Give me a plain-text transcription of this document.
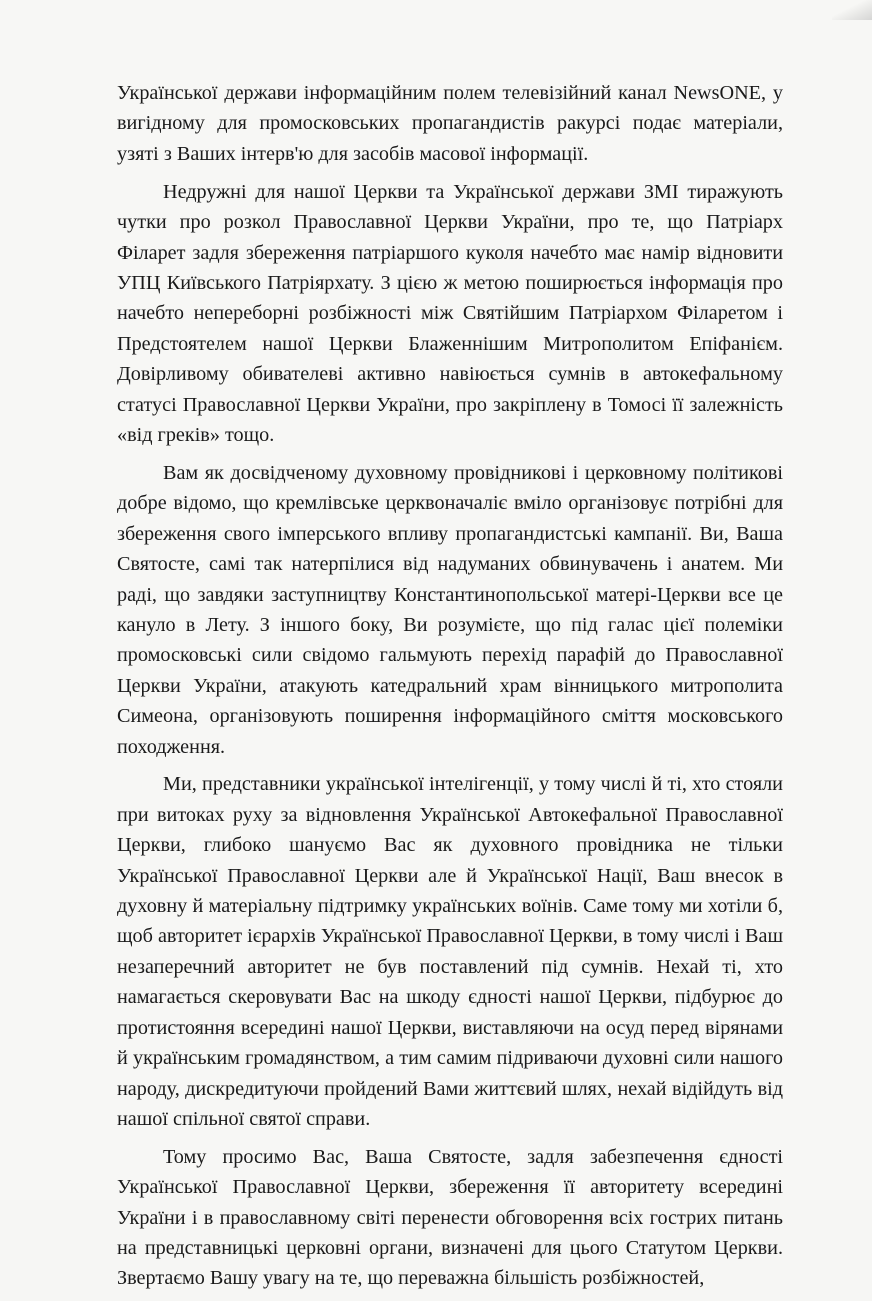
Української держави інформаційним полем телевізійний канал NewsONE, у вигідному для промосковських пропагандистів ракурсі подає матеріали, узяті з Ваших інтерв'ю для засобів масової інформації.

Недружні для нашої Церкви та Української держави ЗМІ тиражують чутки про розкол Православної Церкви України, про те, що Патріарх Філарет задля збереження патріаршого куколя начебто має намір відновити УПЦ Київського Патріярхату. З цією ж метою поширюється інформація про начебто непереборні розбіжності між Святійшим Патріархом Філаретом і Предстоятелем нашої Церкви Блаженнішим Митрополитом Епіфанієм. Довірливому обивателеві активно навіюється сумнів в автокефальному статусі Православної Церкви України, про закріплену в Томосі її залежність «від греків» тощо.

Вам як досвідченому духовному провідникові і церковному політикові добре відомо, що кремлівське церквоначаліє вміло організовує потрібні для збереження свого імперського впливу пропагандистські кампанії. Ви, Ваша Святосте, самі так натерпілися від надуманих обвинувачень і анатем. Ми раді, що завдяки заступництву Константинопольської матері-Церкви все це кануло в Лету. З іншого боку, Ви розумієте, що під галас цієї полеміки промосковські сили свідомо гальмують перехід парафій до Православної Церкви України, атакують катедральний храм вінницького митрополита Симеона, організовують поширення інформаційного сміття московського походження.

Ми, представники української інтелігенції, у тому числі й ті, хто стояли при витоках руху за відновлення Української Автокефальної Православної Церкви, глибоко шануємо Вас як духовного провідника не тільки Української Православної Церкви але й Української Нації, Ваш внесок в духовну й матеріальну підтримку українських воїнів. Саме тому ми хотіли б, щоб авторитет ієрархів Української Православної Церкви, в тому числі і Ваш незаперечний авторитет не був поставлений під сумнів. Нехай ті, хто намагається скеровувати Вас на шкоду єдності нашої Церкви, підбурює до протистояння всередині нашої Церкви, виставляючи на осуд перед вірянами й українським громадянством, а тим самим підриваючи духовні сили нашого народу, дискредитуючи пройдений Вами життєвий шлях, нехай відійдуть від нашої спільної святої справи.

Тому просимо Вас, Ваша Святосте, задля забезпечення єдності Української Православної Церкви, збереження її авторитету всередині України і в православному світі перенести обговорення всіх гострих питань на представницькі церковні органи, визначені для цього Статутом Церкви. Звертаємо Вашу увагу на те, що переважна більшість розбіжностей,
